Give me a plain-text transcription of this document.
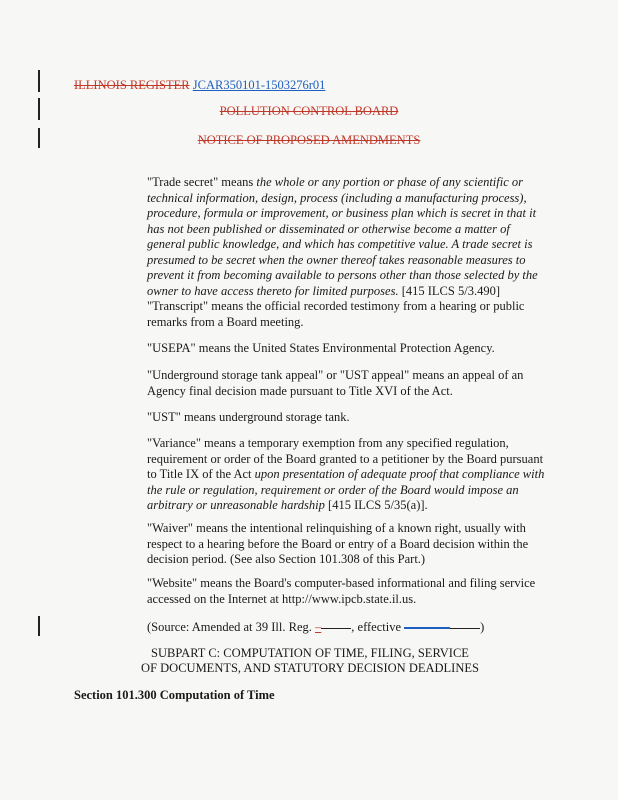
ILLINOIS REGISTER JCAR350101-1503276r01
POLLUTION CONTROL BOARD
NOTICE OF PROPOSED AMENDMENTS

"Trade secret" means the whole or any portion or phase of any scientific or technical information, design, process (including a manufacturing process), procedure, formula or improvement, or business plan which is secret in that it has not been published or disseminated or otherwise become a matter of general public knowledge, and which has competitive value. A trade secret is presumed to be secret when the owner thereof takes reasonable measures to prevent it from becoming available to persons other than those selected by the owner to have access thereto for limited purposes. [415 ILCS 5/3.490]

"Transcript" means the official recorded testimony from a hearing or public remarks from a Board meeting.

"USEPA" means the United States Environmental Protection Agency.

"Underground storage tank appeal" or "UST appeal" means an appeal of an Agency final decision made pursuant to Title XVI of the Act.

"UST" means underground storage tank.

"Variance" means a temporary exemption from any specified regulation, requirement or order of the Board granted to a petitioner by the Board pursuant to Title IX of the Act upon presentation of adequate proof that compliance with the rule or regulation, requirement or order of the Board would impose an arbitrary or unreasonable hardship [415 ILCS 5/35(a)].

"Waiver" means the intentional relinquishing of a known right, usually with respect to a hearing before the Board or entry of a Board decision within the decision period. (See also Section 101.308 of this Part.)

"Website" means the Board's computer-based informational and filing service accessed on the Internet at http://www.ipcb.state.il.us.

(Source: Amended at 39 Ill. Reg. – , effective	)

SUBPART C: COMPUTATION OF TIME, FILING, SERVICE
OF DOCUMENTS, AND STATUTORY DECISION DEADLINES
Section 101.300 Computation of Time
